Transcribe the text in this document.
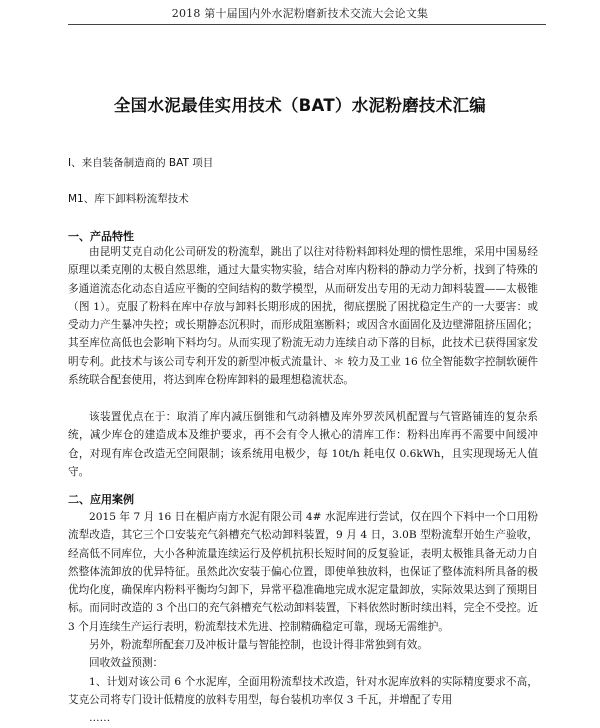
2018 第十届国内外水泥粉磨新技术交流大会论文集
全国水泥最佳实用技术（BAT）水泥粉磨技术汇编
Ⅰ、来自装备制造商的 BAT 项目
M1、库下卸料粉流犁技术
一、产品特性

由昆明艾克自动化公司研发的粉流犁，跳出了以往对待粉料卸料处理的惯性思维，采用中国易经原理以柔克刚的太极自然思维，通过大量实物实验，结合对库内粉料的静动力学分析，找到了特殊的多通道流态化动态自适应平衡的空间结构的数学模型，从而研发出专用的无动力卸料装置——太极锥（图 1）。克服了粉料在库中存放与卸料长期形成的困扰，彻底摆脱了困扰稳定生产的一大要害：或受动力产生暴冲失控；或长期静态沉积时，而形成阻塞断料；或因含水面固化及边壁滞阻挤压固化；其至库位高低也会影响下料均匀。从而实现了粉流无动力连续自动下落的目标，此技术已获得国家发明专利。此技术与该公司专利开发的新型冲板式流量计、＊ 较力及工业 16 位全智能数字控制软硬件系统联合配套使用，将达到库仓粉库卸料的最理想稳流状态。

该装置优点在于：取消了库内减压倒锥和气动斜槽及库外罗茨风机配置与气管路铺连的复杂系统，减少库仓的建造成本及维护要求，再不会有令人揪心的清库工作：粉料出库再不需要中间缓冲仓，对现有库仓改造无空间限制；该系统用电极少，每 10t/h 耗电仅 0.6kWh，且实现现场无人值守。

二、应用案例

2015 年 7 月 16 日在楣庐南方水泥有限公司 4# 水泥库进行尝试，仅在四个下料中一个口用粉流犁改造，其它三个口安装充气斜槽充气松动卸料装置，9 月 4 日，3.0B 型粉流犁开始生产验收，经高低不同库位，大小各种流量连续运行及停机抗积长短时间的反复验证，表明太极锥具备无动力自然整体流卸放的优异特征。虽然此次安装于偏心位置，即使单独放料，也保证了整体流料所具备的极优均化度，确保库内粉料平衡均匀卸下，异常平稳准确地完成水泥定量卸放，实际效果达到了预期目标。而同时改造的 3 个出口的充气斜槽充气松动卸料装置，下料依然时断时续出料，完全不受控。近 3 个月连续生产运行表明，粉流犁技术先进、控制精确稳定可靠，现场无需维护。

另外，粉流犁所配套刀及冲板计量与智能控制，也设计得非常独到有效。

回收效益预测：

1、计划对该公司 6 个水泥库，全面用粉流犁技术改造，针对水泥库放料的实际精度要求不高，艾克公司将专门设计低精度的放料专用型，每台装机功率仅 3 千瓦，并增配了专用

……
